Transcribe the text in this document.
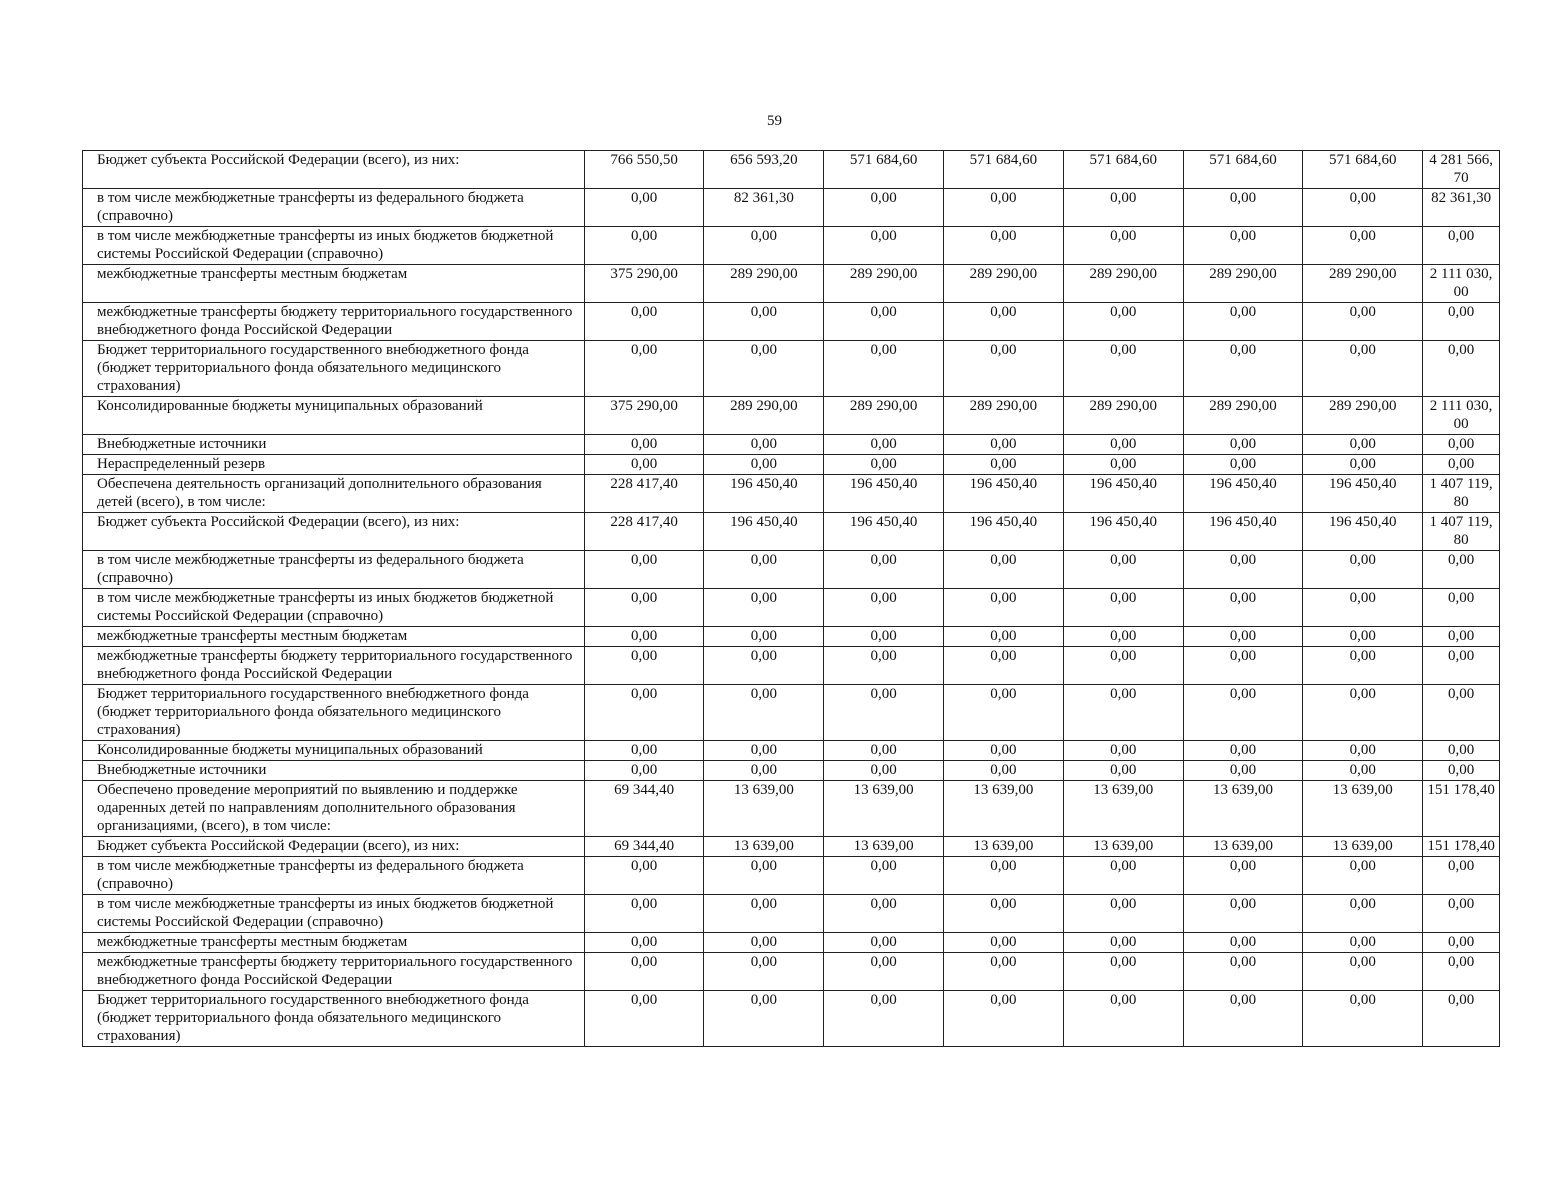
59
Бюджет субъекта Российской Федерации (всего), из них:	766 550,50	656 593,20	571 684,60	571 684,60	571 684,60	571 684,60	571 684,60	4 281 566, 70
в том числе межбюджетные трансферты из федерального бюджета (справочно)	0,00	82 361,30	0,00	0,00	0,00	0,00	0,00	82 361,30
в том числе межбюджетные трансферты из иных бюджетов бюджетной системы Российской Федерации (справочно)	0,00	0,00	0,00	0,00	0,00	0,00	0,00	0,00
межбюджетные трансферты местным бюджетам	375 290,00	289 290,00	289 290,00	289 290,00	289 290,00	289 290,00	289 290,00	2 111 030, 00
межбюджетные трансферты бюджету территориального государственного внебюджетного фонда Российской Федерации	0,00	0,00	0,00	0,00	0,00	0,00	0,00	0,00
Бюджет территориального государственного внебюджетного фонда (бюджет территориального фонда обязательного медицинского страхования)	0,00	0,00	0,00	0,00	0,00	0,00	0,00	0,00
Консолидированные бюджеты муниципальных образований	375 290,00	289 290,00	289 290,00	289 290,00	289 290,00	289 290,00	289 290,00	2 111 030, 00
Внебюджетные источники	0,00	0,00	0,00	0,00	0,00	0,00	0,00	0,00
Нераспределенный резерв	0,00	0,00	0,00	0,00	0,00	0,00	0,00	0,00
Обеспечена деятельность организаций дополнительного образования детей (всего), в том числе:	228 417,40	196 450,40	196 450,40	196 450,40	196 450,40	196 450,40	196 450,40	1 407 119, 80
Бюджет субъекта Российской Федерации (всего), из них:	228 417,40	196 450,40	196 450,40	196 450,40	196 450,40	196 450,40	196 450,40	1 407 119, 80
в том числе межбюджетные трансферты из федерального бюджета (справочно)	0,00	0,00	0,00	0,00	0,00	0,00	0,00	0,00
в том числе межбюджетные трансферты из иных бюджетов бюджетной системы Российской Федерации (справочно)	0,00	0,00	0,00	0,00	0,00	0,00	0,00	0,00
межбюджетные трансферты местным бюджетам	0,00	0,00	0,00	0,00	0,00	0,00	0,00	0,00
межбюджетные трансферты бюджету территориального государственного внебюджетного фонда Российской Федерации	0,00	0,00	0,00	0,00	0,00	0,00	0,00	0,00
Бюджет территориального государственного внебюджетного фонда (бюджет территориального фонда обязательного медицинского страхования)	0,00	0,00	0,00	0,00	0,00	0,00	0,00	0,00
Консолидированные бюджеты муниципальных образований	0,00	0,00	0,00	0,00	0,00	0,00	0,00	0,00
Внебюджетные источники	0,00	0,00	0,00	0,00	0,00	0,00	0,00	0,00
Обеспечено проведение мероприятий по выявлению и поддержке одаренных детей по направлениям дополнительного образования организациями, (всего), в том числе:	69 344,40	13 639,00	13 639,00	13 639,00	13 639,00	13 639,00	13 639,00	151 178,40
Бюджет субъекта Российской Федерации (всего), из них:	69 344,40	13 639,00	13 639,00	13 639,00	13 639,00	13 639,00	13 639,00	151 178,40
в том числе межбюджетные трансферты из федерального бюджета (справочно)	0,00	0,00	0,00	0,00	0,00	0,00	0,00	0,00
в том числе межбюджетные трансферты из иных бюджетов бюджетной системы Российской Федерации (справочно)	0,00	0,00	0,00	0,00	0,00	0,00	0,00	0,00
межбюджетные трансферты местным бюджетам	0,00	0,00	0,00	0,00	0,00	0,00	0,00	0,00
межбюджетные трансферты бюджету территориального государственного внебюджетного фонда Российской Федерации	0,00	0,00	0,00	0,00	0,00	0,00	0,00	0,00
Бюджет территориального государственного внебюджетного фонда (бюджет территориального фонда обязательного медицинского страхования)	0,00	0,00	0,00	0,00	0,00	0,00	0,00	0,00
